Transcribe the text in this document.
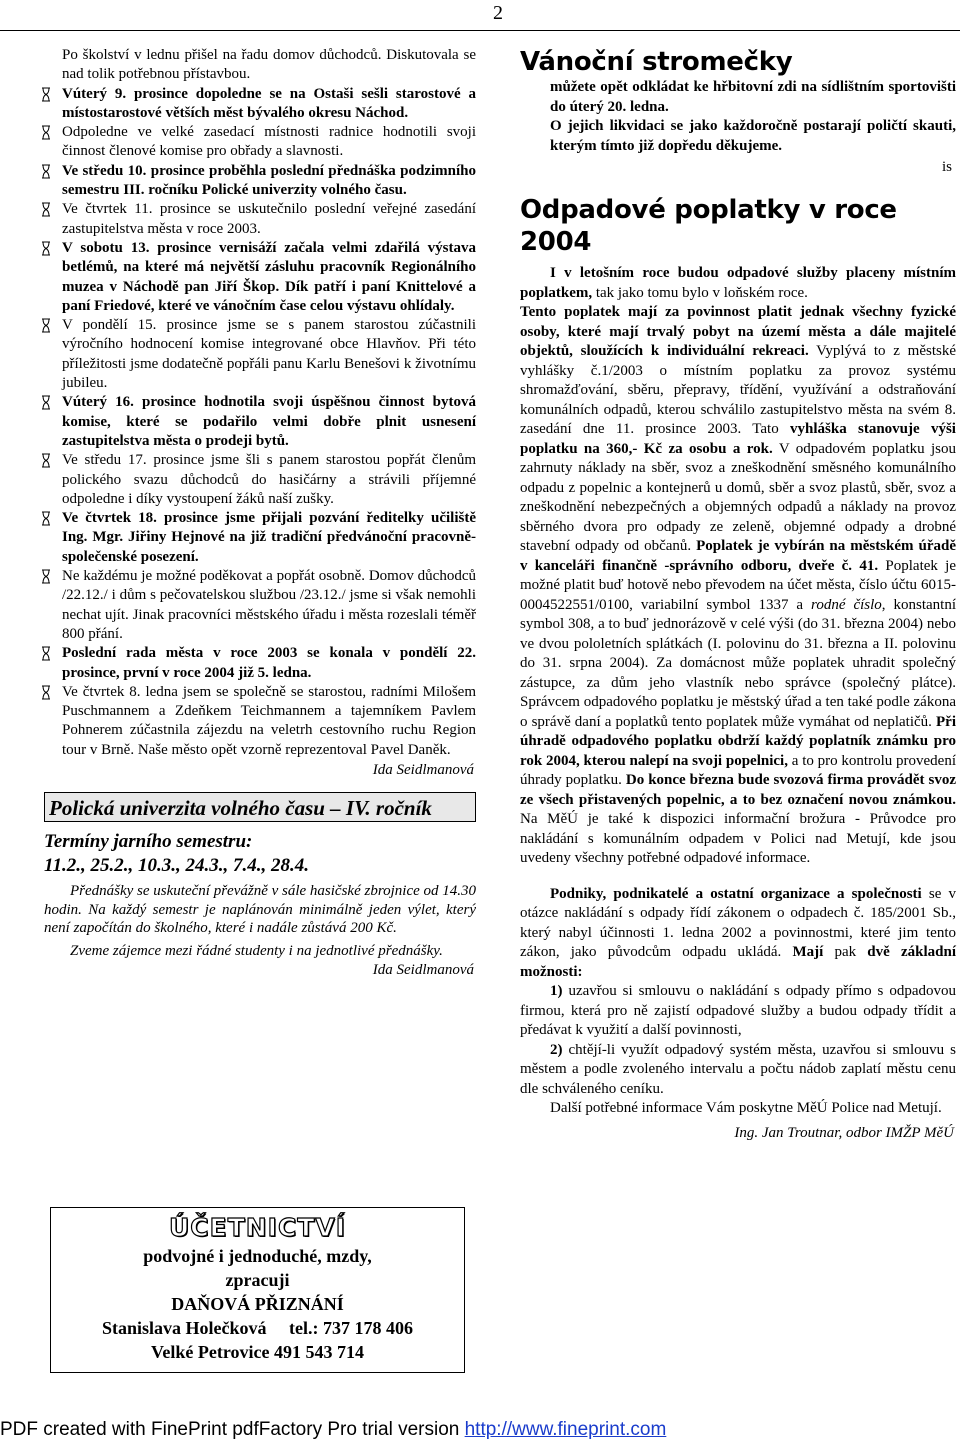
2

Po školství v lednu přišel na řadu domov důchodců. Diskutovala se nad tolik potřebnou přístavbou.

Vúterý 9. prosince dopoledne se na Ostaši sešli starostové a místostarostové větších měst bývalého okresu Náchod.

Odpoledne ve velké zasedací místnosti radnice hodnotili svoji činnost členové komise pro obřady a slavnosti.

Ve středu 10. prosince proběhla poslední přednáška podzimního semestru III. ročníku Polické univerzity volného času.

Ve čtvrtek 11. prosince se uskutečnilo poslední veřejné zasedání zastupitelstva města v roce 2003.

V sobotu 13. prosince vernisáží začala velmi zdařilá výstava betlémů, na které má největší zásluhu pracovník Regionálního muzea v Náchodě pan Jiří Škop. Dík patří i paní Knittelové a paní Friedové, které ve vánočním čase celou výstavu ohlídaly.

V pondělí 15. prosince jsme se s panem starostou zúčastnili výročního hodnocení komise integrované obce Hlavňov. Při této příležitosti jsme dodatečně popřáli panu Karlu Benešovi k životnímu jubileu.

Vúterý 16. prosince hodnotila svoji úspěšnou činnost bytová komise, které se podařilo velmi dobře plnit usnesení zastupitelstva města o prodeji bytů.

Ve středu 17. prosince jsme šli s panem starostou popřát členům polického svazu důchodců do hasičárny a strávili příjemné odpoledne i díky vystoupení žáků naší zušky.

Ve čtvrtek 18. prosince jsme přijali pozvání ředitelky učiliště Ing. Mgr. Jiřiny Hejnové na již tradiční předvánoční pracovně-společenské posezení.

Ne každému je možné poděkovat a popřát osobně. Domov důchodců /22.12./ i dům s pečovatelskou službou /23.12./ jsme si však nemohli nechat ujít. Jinak pracovníci městského úřadu i města rozeslali téměř 800 přání.

Poslední rada města v roce 2003 se konala v pondělí 22. prosince, první v roce 2004 již 5. ledna.

Ve čtvrtek 8. ledna jsem se společně se starostou, radními Milošem Puschmannem a Zdeňkem Teichmannem a tajemníkem Pavlem Pohnerem zúčastnila zájezdu na veletrh cestovního ruchu Region tour v Brně. Naše město opět vzorně reprezentoval Pavel Daněk.

Ida Seidlmanová

Polická univerzita volného času – IV. ročník
Termíny jarního semestru:
11.2., 25.2., 10.3., 24.3., 7.4., 28.4.

Přednášky se uskuteční převážně v sále hasičské zbrojnice od 14.30 hodin. Na každý semestr je naplánován minimálně jeden výlet, který není započítán do školného, které i nadále zůstává 200 Kč.

Zveme zájemce mezi řádné studenty i na jednotlivé přednášky.

Ida Seidlmanová

ÚČETNICTVÍ
podvojné i jednoduché, mzdy,
zpracuji
DAŇOVÁ PŘIZNÁNÍ
Stanislava Holečková     tel.: 737 178 406
Velké Petrovice 491 543 714
Vánoční stromečky

můžete opět odkládat ke hřbitovní zdi na sídlištním sportovišti do úterý 20. ledna.

O jejich likvidaci se jako každoročně postarají poličtí skauti, kterým tímto již dopředu děkujeme.

is
Odpadové poplatky v roce 2004

I v letošním roce budou odpadové služby placeny místním poplatkem, tak jako tomu bylo v loňském roce.

Tento poplatek mají za povinnost platit jednak všechny fyzické osoby, které mají trvalý pobyt na území města a dále majitelé objektů, sloužících k individuální rekreaci. Vyplývá to z městské vyhlášky č.1/2003 o místním poplatku za provoz systému shromažďování, sběru, přepravy, třídění, využívání a odstraňování komunálních odpadů, kterou schválilo zastupitelstvo města na svém 8. zasedání dne 11. prosince 2003. Tato vyhláška stanovuje výši poplatku na 360,- Kč za osobu a rok. V odpadovém poplatku jsou zahrnuty náklady na sběr, svoz a zneškodnění směsného komunálního odpadu z popelnic a kontejnerů u domů, sběr a svoz plastů, sběr, svoz a zneškodnění nebezpečných a objemných odpadů a náklady na provoz sběrného dvora pro odpady ze zeleně, objemné odpady a drobné stavební odpady od občanů. Poplatek je vybírán na městském úřadě v kanceláři finančně -správního odboru, dveře č. 41. Poplatek je možné platit buď hotově nebo převodem na účet města, číslo účtu 6015-0004522551/0100, variabilní symbol 1337 a rodné číslo, konstantní symbol 308, a to buď jednorázově v celé výši (do 31. března 2004) nebo ve dvou pololetních splátkách (I. polovinu do 31. března a II. polovinu do 31. srpna 2004). Za domácnost může poplatek uhradit společný zástupce, za dům jeho vlastník nebo správce (společný plátce). Správcem odpadového poplatku je městský úřad a ten také podle zákona o správě daní a poplatků tento poplatek může vymáhat od neplatičů. Při úhradě odpadového poplatku obdrží každý poplatník známku pro rok 2004, kterou nalepí na svoji popelnici, a to pro kontrolu provedení úhrady poplatku. Do konce března bude svozová firma provádět svoz ze všech přistavených popelnic, a to bez označení novou známkou. Na MěÚ je také k dispozici informační brožura - Průvodce pro nakládání s komunálním odpadem v Polici nad Metují, kde jsou uvedeny všechny potřebné odpadové informace.

Podniky, podnikatelé a ostatní organizace a společnosti se v otázce nakládání s odpady řídí zákonem o odpadech č. 185/2001 Sb., který nabyl účinnosti 1. ledna 2002 a povinnostmi, které jim tento zákon, jako původcům odpadu ukládá. Mají pak dvě základní možnosti:

1) uzavřou si smlouvu o nakládání s odpady přímo s odpadovou firmou, která pro ně zajistí odpadové služby a budou odpady třídit a předávat k využití a další povinnosti,

2) chtějí-li využít odpadový systém města, uzavřou si smlouvu s městem a podle zvoleného intervalu a počtu nádob zaplatí městu cenu dle schváleného ceníku.

Další potřebné informace Vám poskytne MěÚ Police nad Metují.

Ing. Jan Troutnar, odbor IMŽP MěÚ

PDF created with FinePrint pdfFactory Pro trial version http://www.fineprint.com
